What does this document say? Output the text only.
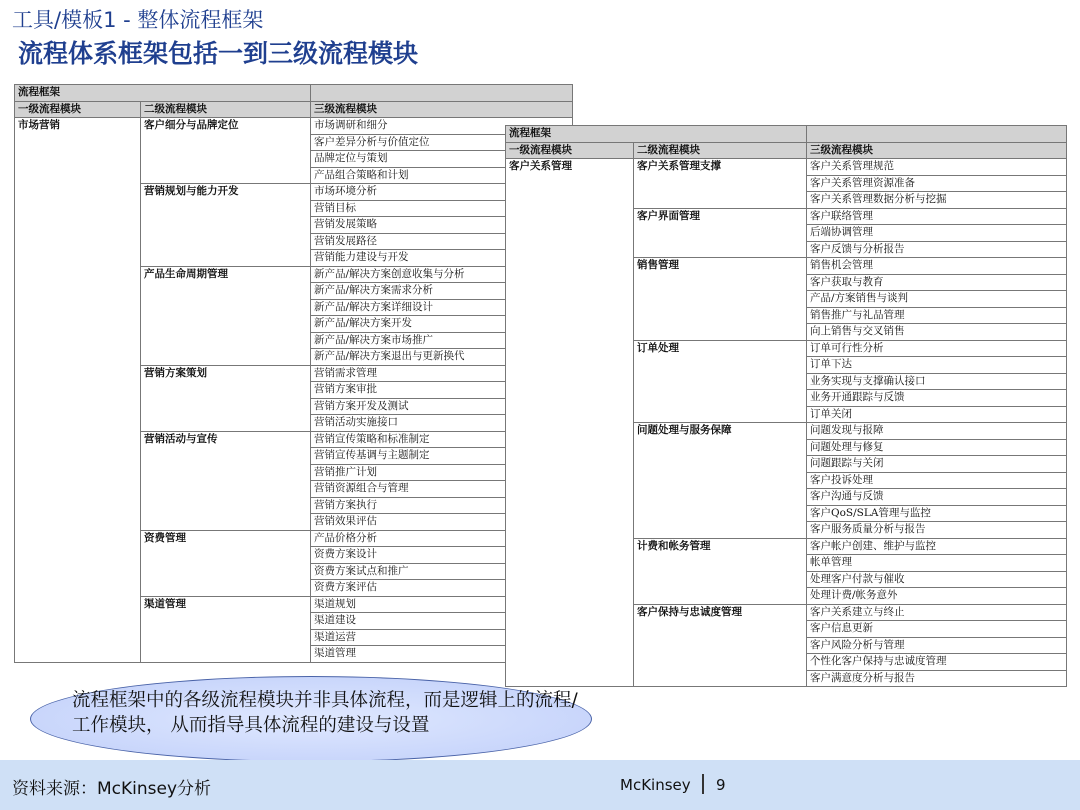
工具/模板1 - 整体流程框架
流程体系框架包括一到三级流程模块
流程框架		
一级流程模块	二级流程模块	三级流程模块
市场营销	客户细分与品牌定位	市场调研和细分
		客户差异分析与价值定位
		品牌定位与策划
		产品组合策略和计划
	营销规划与能力开发	市场环境分析
		营销目标
		营销发展策略
		营销发展路径
		营销能力建设与开发
	产品生命周期管理	新产品/解决方案创意收集与分析
		新产品/解决方案需求分析
		新产品/解决方案详细设计
		新产品/解决方案开发
		新产品/解决方案市场推广
		新产品/解决方案退出与更新换代
	营销方案策划	营销需求管理
		营销方案审批
		营销方案开发及测试
		营销活动实施接口
	营销活动与宣传	营销宣传策略和标准制定
		营销宣传基调与主题制定
		营销推广计划
		营销资源组合与管理
		营销方案执行
		营销效果评估
	资费管理	产品价格分析
		资费方案设计
		资费方案试点和推广
		资费方案评估
	渠道管理	渠道规划
		渠道建设
		渠道运营
		渠道管理
流程框架		
一级流程模块	二级流程模块	三级流程模块
客户关系管理	客户关系管理支撑	客户关系管理规范
		客户关系管理资源准备
		客户关系管理数据分析与挖掘
	客户界面管理	客户联络管理
		后端协调管理
		客户反馈与分析报告
	销售管理	销售机会管理
		客户获取与教育
		产品/方案销售与谈判
		销售推广与礼品管理
		向上销售与交叉销售
	订单处理	订单可行性分析
		订单下达
		业务实现与支撑确认接口
		业务开通跟踪与反馈
		订单关闭
	问题处理与服务保障	问题发现与报障
		问题处理与修复
		问题跟踪与关闭
		客户投诉处理
		客户沟通与反馈
		客户QoS/SLA管理与监控
		客户服务质量分析与报告
	计费和帐务管理	客户帐户创建、维护与监控
		帐单管理
		处理客户付款与催收
		处理计费/帐务意外
	客户保持与忠诚度管理	客户关系建立与终止
		客户信息更新
		客户风险分析与管理
		个性化客户保持与忠诚度管理
		客户满意度分析与报告
流程框架中的各级流程模块并非具体流程，而是逻辑上的流程/工作模块， 从而指导具体流程的建设与设置
资料来源：McKinsey分析	McKinsey 9
